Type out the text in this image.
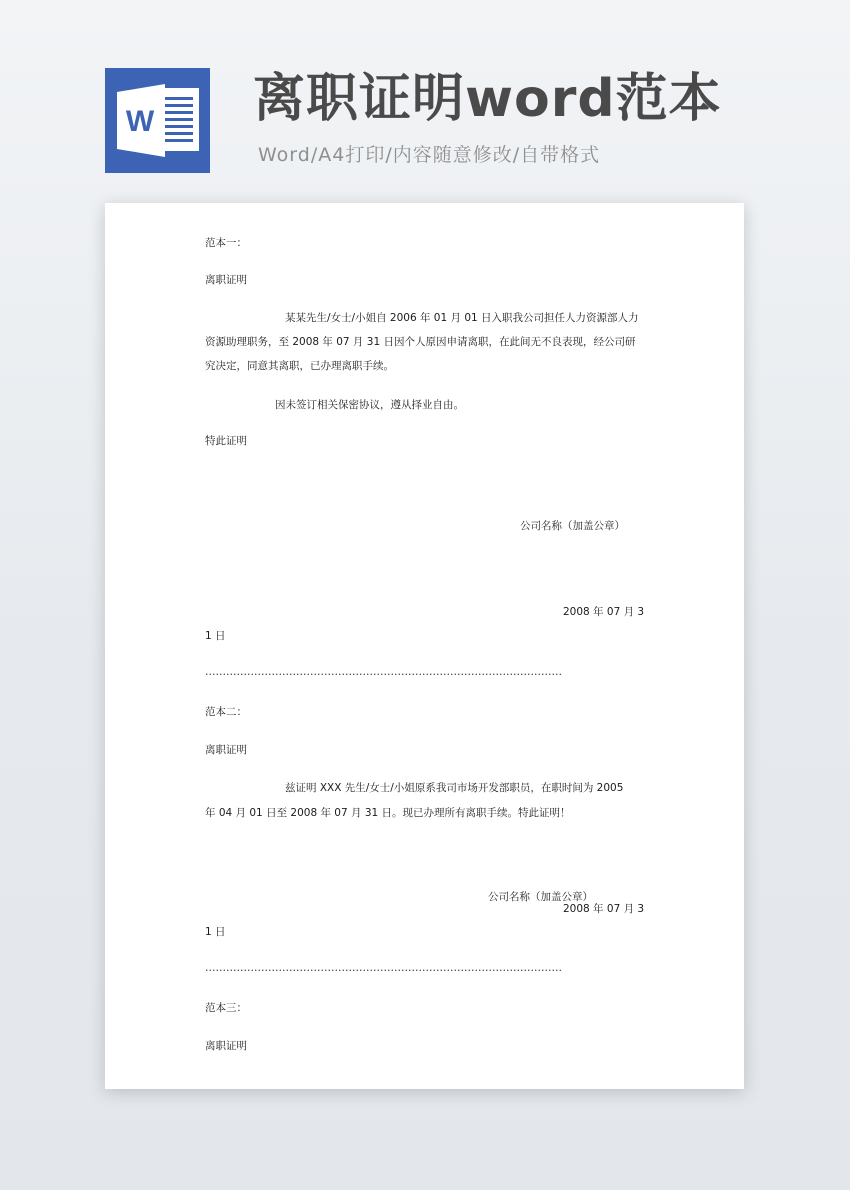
W 离职证明word范本

Word/A4打印/内容随意修改/自带格式

范本一：

离职证明

某某先生/女士/小姐自 2006 年 01 月 01 日入职我公司担任人力资源部人力

资源助理职务，至 2008 年 07 月 31 日因个人原因申请离职，在此间无不良表现，经公司研

究决定，同意其离职，已办理离职手续。

因未签订相关保密协议，遵从择业自由。

特此证明

公司名称（加盖公章）

2008 年 07 月 3

1 日

…………………………………………………………………………………………

范本二：

离职证明

兹证明 XXX 先生/女士/小姐原系我司市场开发部职员，在职时间为 2005

年 04 月 01 日至 2008 年 07 月 31 日。现已办理所有离职手续。特此证明！

公司名称（加盖公章）

2008 年 07 月 3

1 日

…………………………………………………………………………………………

范本三：

离职证明
